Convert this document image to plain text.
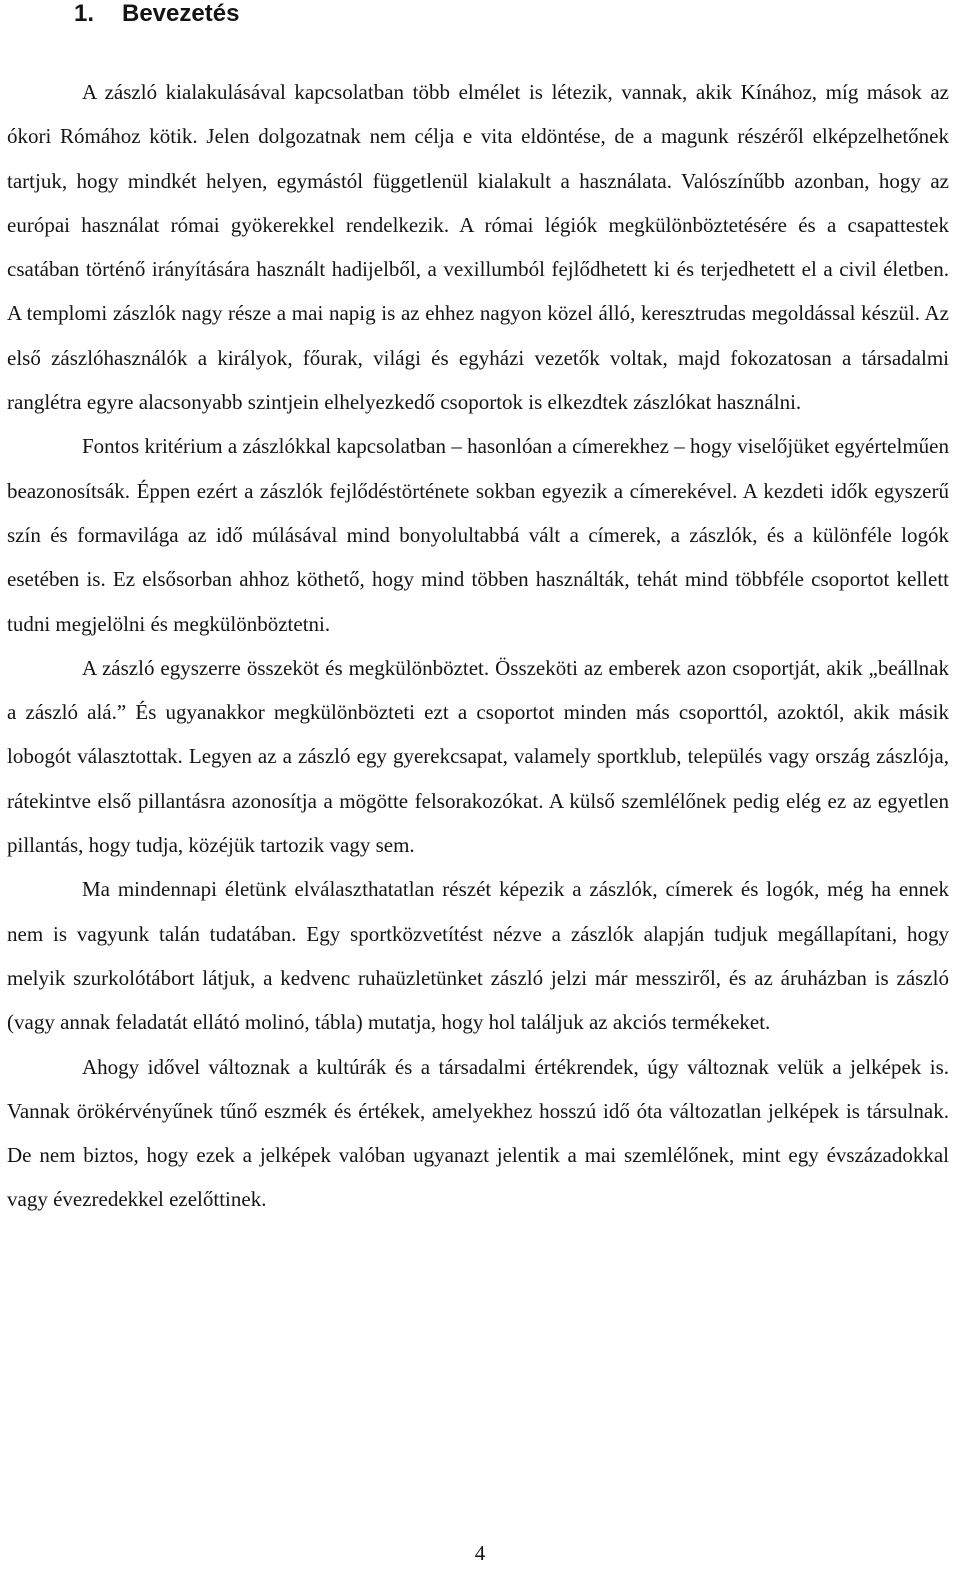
1. Bevezetés

A zászló kialakulásával kapcsolatban több elmélet is létezik, vannak, akik Kínához, míg mások az ókori Rómához kötik. Jelen dolgozatnak nem célja e vita eldöntése, de a magunk részéről elképzelhetőnek tartjuk, hogy mindkét helyen, egymástól függetlenül kialakult a használata. Valószínűbb azonban, hogy az európai használat római gyökerekkel rendelkezik. A római légiók megkülönböztetésére és a csapattestek csatában történő irányítására használt hadijelből, a vexillumból fejlődhetett ki és terjedhetett el a civil életben. A templomi zászlók nagy része a mai napig is az ehhez nagyon közel álló, keresztrudas megoldással készül. Az első zászlóhasználók a királyok, főurak, világi és egyházi vezetők voltak, majd fokozatosan a társadalmi ranglétra egyre alacsonyabb szintjein elhelyezkedő csoportok is elkezdtek zászlókat használni.

Fontos kritérium a zászlókkal kapcsolatban – hasonlóan a címerekhez – hogy viselőjüket egyértelműen beazonosítsák. Éppen ezért a zászlók fejlődéstörténete sokban egyezik a címerekével. A kezdeti idők egyszerű szín és formavilága az idő múlásával mind bonyolultabbá vált a címerek, a zászlók, és a különféle logók esetében is. Ez elsősorban ahhoz köthető, hogy mind többen használták, tehát mind többféle csoportot kellett tudni megjelölni és megkülönböztetni.

A zászló egyszerre összeköt és megkülönböztet. Összeköti az emberek azon csoportját, akik „beállnak a zászló alá.” És ugyanakkor megkülönbözteti ezt a csoportot minden más csoporttól, azoktól, akik másik lobogót választottak. Legyen az a zászló egy gyerekcsapat, valamely sportklub, település vagy ország zászlója, rátekintve első pillantásra azonosítja a mögötte felsorakozókat. A külső szemlélőnek pedig elég ez az egyetlen pillantás, hogy tudja, közéjük tartozik vagy sem.

Ma mindennapi életünk elválaszthatatlan részét képezik a zászlók, címerek és logók, még ha ennek nem is vagyunk talán tudatában. Egy sportközvetítést nézve a zászlók alapján tudjuk megállapítani, hogy melyik szurkolótábort látjuk, a kedvenc ruhaüzletünket zászló jelzi már messziről, és az áruházban is zászló (vagy annak feladatát ellátó molinó, tábla) mutatja, hogy hol találjuk az akciós termékeket.

Ahogy idővel változnak a kultúrák és a társadalmi értékrendek, úgy változnak velük a jelképek is. Vannak örökérvényűnek tűnő eszmék és értékek, amelyekhez hosszú idő óta változatlan jelképek is társulnak. De nem biztos, hogy ezek a jelképek valóban ugyanazt jelentik a mai szemlélőnek, mint egy évszázadokkal vagy évezredekkel ezelőttinek.

4
